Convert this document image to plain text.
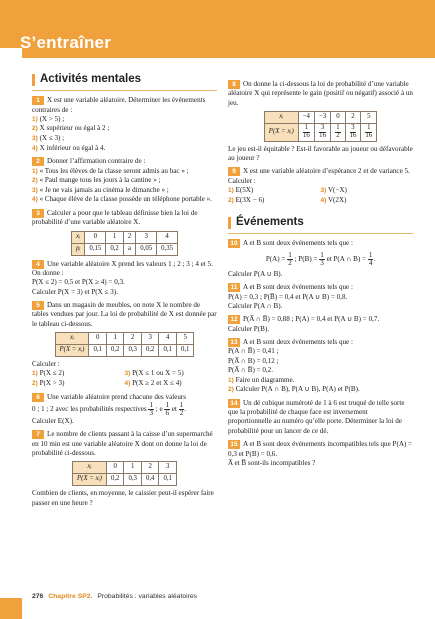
S’entraîner
Activités mentales
1 X est une variable aléatoire. Déterminer les événements contraires de :
1) (X > 5) ;
2) X supérieur ou égal à 2 ;
3) (X ≤ 3) ;
4) X inférieur ou égal à 4.
2 Donner l’affirmation contraire de :
1) « Tous les élèves de la classe seront admis au bac » ;
2) « Paul mange tous les jours à la cantine » ;
3) « Je ne vais jamais au cinéma le dimanche » ;
4) « Chaque élève de la classe possède un téléphone portable ».
3 Calculer a pour que le tableau définisse bien la loi de probabilité d’une variable aléatoire X.
xᵢ	0	1	2	3	4
pᵢ	0,15	0,2	a	0,05	0,35
4 Une variable aléatoire X prend les valeurs 1 ; 2 ; 3 ; 4 et 5. On donne :
P(X ≤ 2) = 0,5 et P(X ≥ 4) = 0,3.
Calculer P(X = 3) et P(X ≤ 3).
5 Dans un magasin de meubles, on note X le nombre de tables vendues par jour. La loi de probabilité de X est donnée par le tableau ci-dessous.
xᵢ	0	1	2	3	4	5
P(X = xᵢ)	0,1	0,2	0,3	0,2	0,1	0,1
Calculer :
1) P(X ≤ 2)	3) P(X ≤ 1 ou X = 5)
2) P(X > 3)	4) P(X ≥ 2 et X ≤ 4)
6 Une variable aléatoire prend chacune des valeurs
0 ; 1 ; 2 avec les probabilités respectives $\frac{1}{3}$ ; e $\frac{1}{6}$ et $\frac{1}{2}$ .
Calculer E(X).
7 Le nombre de clients passant à la caisse d’un supermarché en 10 min est une variable aléatoire X dont on donne la loi de probabilité ci-dessous.
xᵢ	0	1	2	3
P(X = xᵢ)	0,2	0,3	0,4	0,1
Combien de clients, en moyenne, le caissier peut-il espérer faire passer en une heure ?
8 On donne la ci-dessous la loi de probabilité d’une variable aléatoire X qui représente le gain (positif ou négatif) associé à un jeu.
xᵢ	−4	−3	0	2	5
P(X = xᵢ)	$\frac{1}{16}$	$\frac{3}{16}$	$\frac{1}{2}$	$\frac{3}{16}$	$\frac{1}{16}$
Le jeu est-il équitable ? Est-il favorable au joueur ou défavorable au joueur ?
9 X est une variable aléatoire d’espérance 2 et de variance 5. Calculer :
1) E(5X)	3) V(−X)
2) E(3X − 6)	4) V(2X)
Événements
10 A et B sont deux événements tels que :
$P(A) = \frac{1}{2}$ ; $P(B) = \frac{1}{3}$ et P(A ∩ $B) = \frac{1}{4}$ .
Calculer P(A ∪ B).
11 A et B sont deux événements tels que :
P(A) = 0,3 ; P(B̅) = 0,4 et P(A ∪ B) = 0,8.
Calculer P(A ∩ B).
12 P(A̅ ∩ B̅) = 0,88 ; P(A) = 0,4 et P(A ∪ B) = 0,7.
Calculer P(B).
13 A et B sont deux événements tels que :
P(A ∩ B̅) = 0,41 ;
P(A̅ ∩ B) = 0,12 ;
P(A̅ ∩ B̅) = 0,2.
1) Faire un diagramme.
2) Calculer P(A ∩ B), P(A ∪ B), P(A) et P(B).
14 Un dé cubique numéroté de 1 à 6 est truqué de telle sorte que la probabilité de chaque face est inversement proportionnelle au numéro qu’elle porte. Déterminer la loi de probabilité pour un lancer de ce dé.
15 A et B sont deux événements incompatibles tels que P(A) = 0,3 et P(B) = 0,6.
A̅ et B̅ sont-ils incompatibles ?
276 Chapitre SP2. Probabilités : variables aléatoires
